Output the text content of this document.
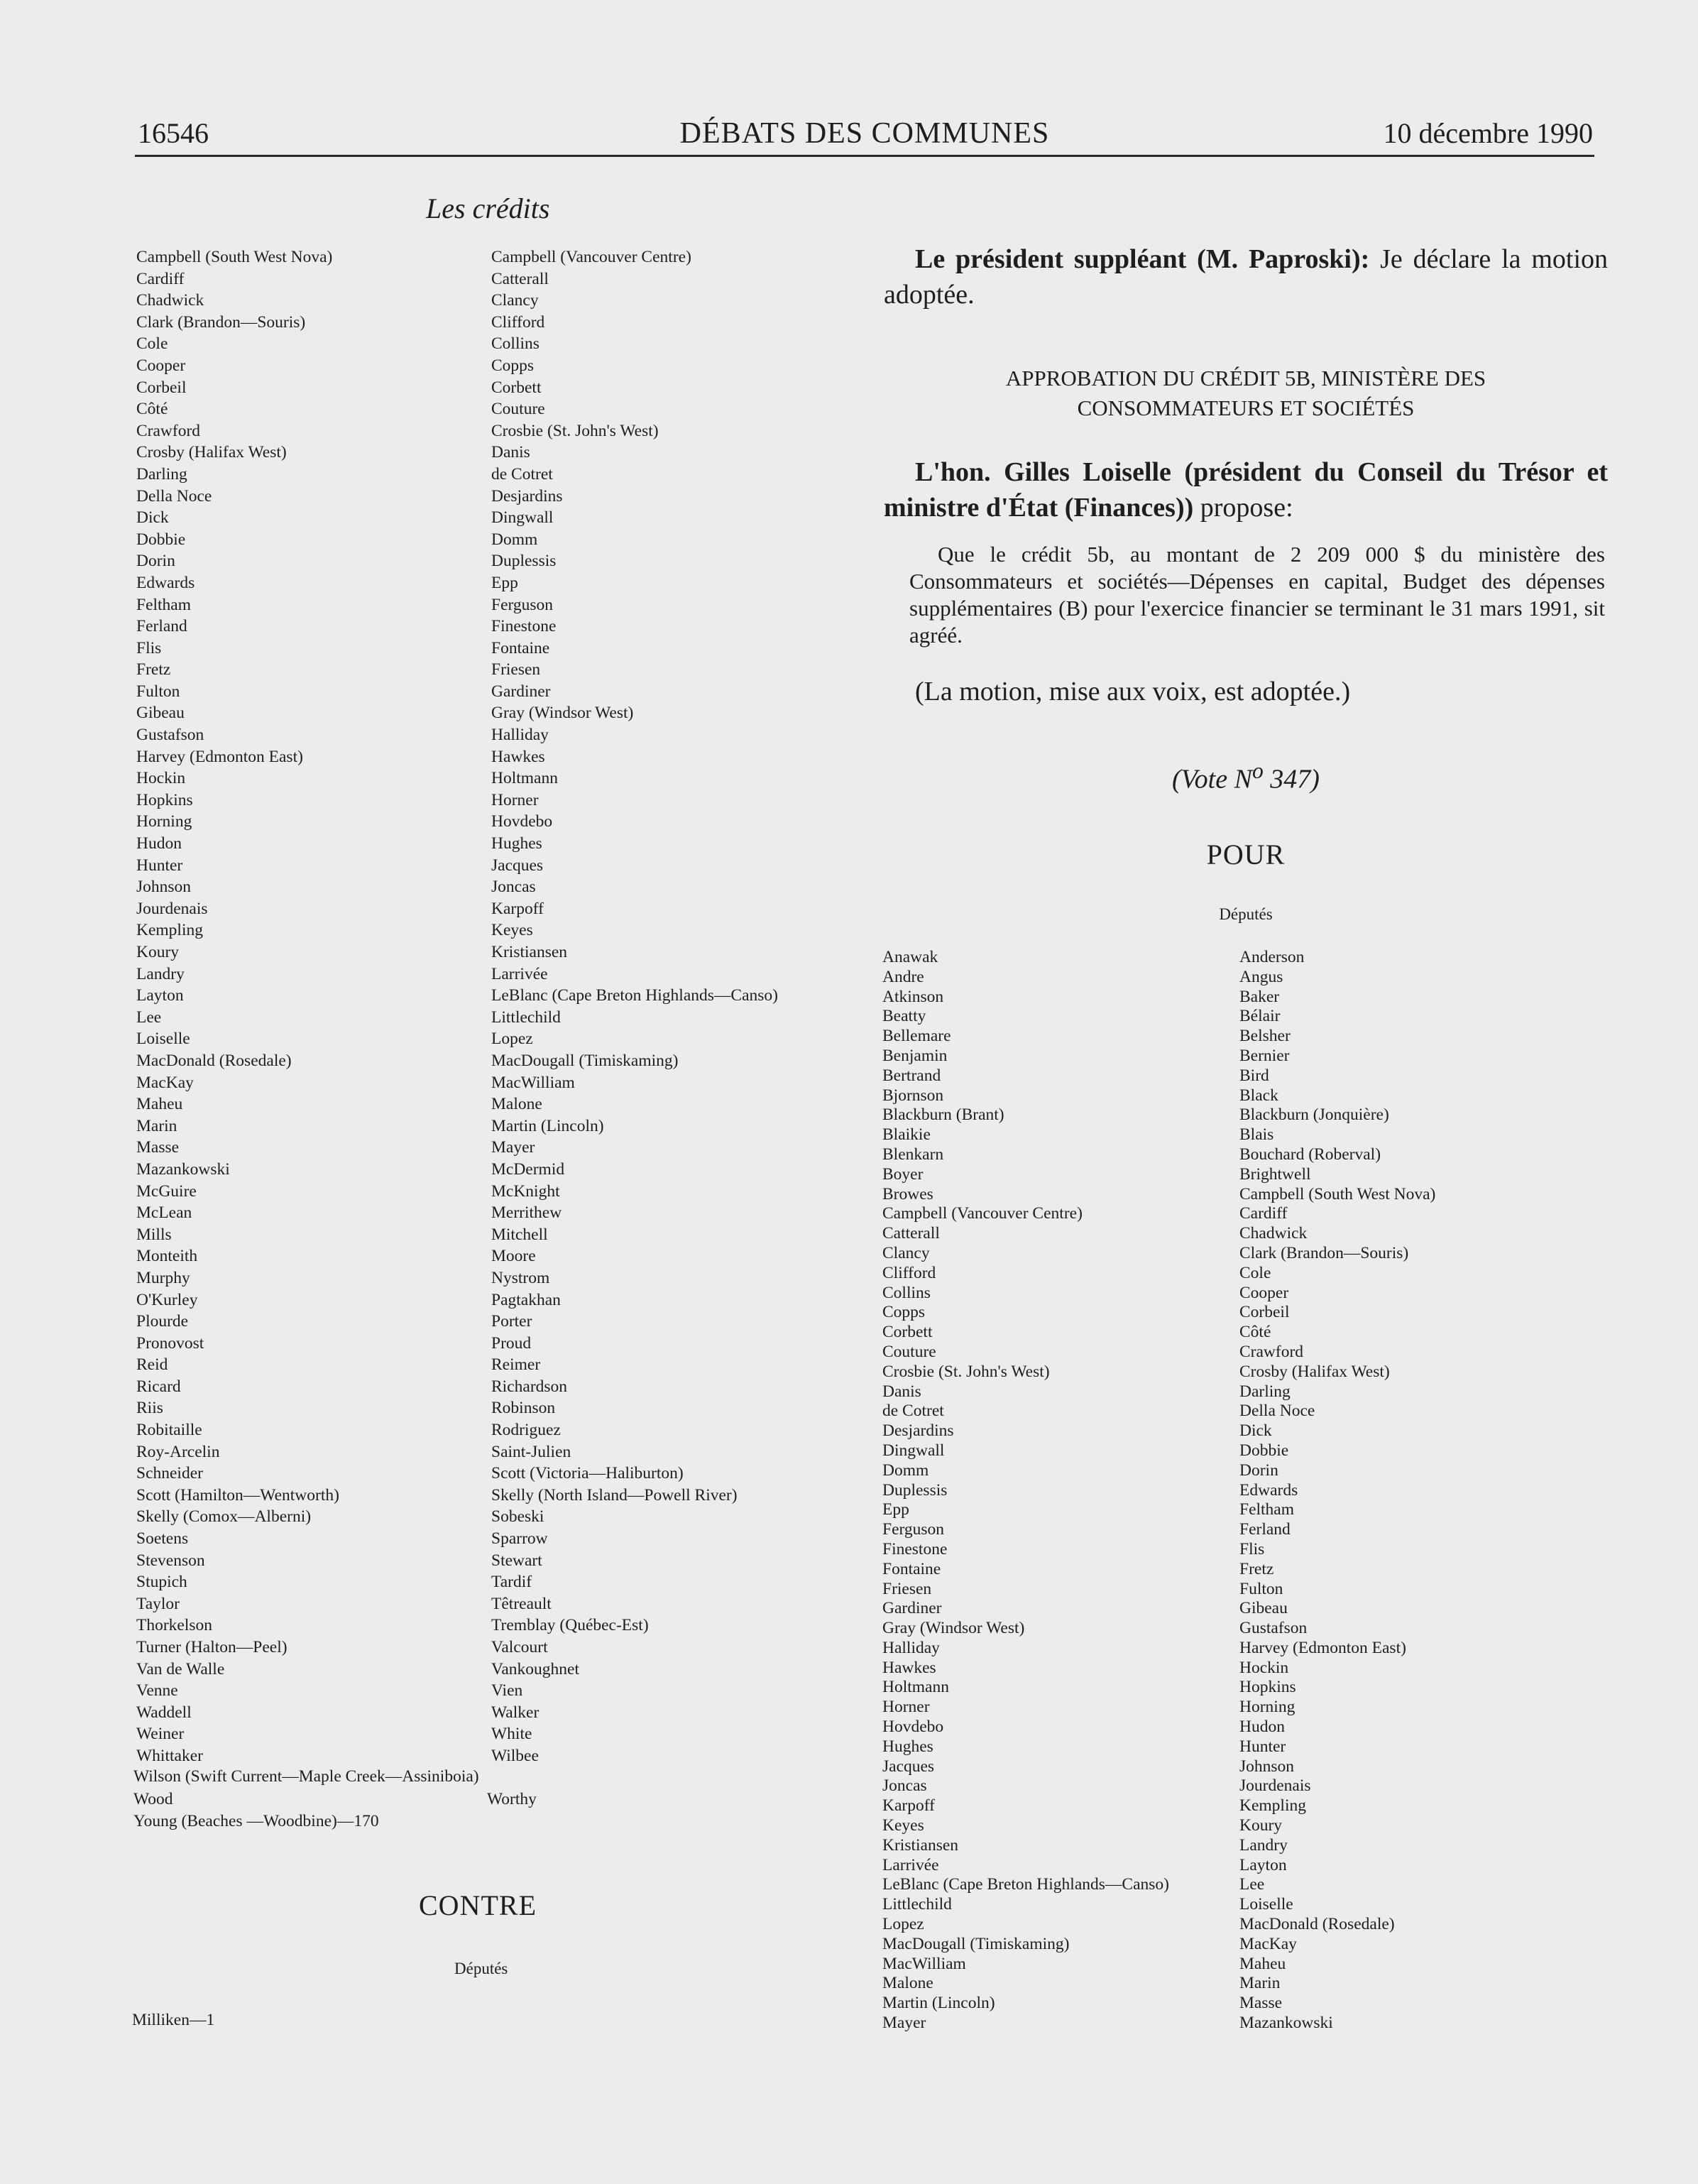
16546	DÉBATS DES COMMUNES	10 décembre 1990
Les crédits
Campbell (South West Nova)
Cardiff
Chadwick
Clark (Brandon—Souris)
Cole
Cooper
Corbeil
Côté
Crawford
Crosby (Halifax West)
Darling
Della Noce
Dick
Dobbie
Dorin
Edwards
Feltham
Ferland
Flis
Fretz
Fulton
Gibeau
Gustafson
Harvey (Edmonton East)
Hockin
Hopkins
Horning
Hudon
Hunter
Johnson
Jourdenais
Kempling
Koury
Landry
Layton
Lee
Loiselle
MacDonald (Rosedale)
MacKay
Maheu
Marin
Masse
Mazankowski
McGuire
McLean
Mills
Monteith
Murphy
O'Kurley
Plourde
Pronovost
Reid
Ricard
Riis
Robitaille
Roy-Arcelin
Schneider
Scott (Hamilton—Wentworth)
Skelly (Comox—Alberni)
Soetens
Stevenson
Stupich
Taylor
Thorkelson
Turner (Halton—Peel)
Van de Walle
Venne
Waddell
Weiner
Whittaker
Campbell (Vancouver Centre)
Catterall
Clancy
Clifford
Collins
Copps
Corbett
Couture
Crosbie (St. John's West)
Danis
de Cotret
Desjardins
Dingwall
Domm
Duplessis
Epp
Ferguson
Finestone
Fontaine
Friesen
Gardiner
Gray (Windsor West)
Halliday
Hawkes
Holtmann
Horner
Hovdebo
Hughes
Jacques
Joncas
Karpoff
Keyes
Kristiansen
Larrivée
LeBlanc (Cape Breton Highlands—Canso)
Littlechild
Lopez
MacDougall (Timiskaming)
MacWilliam
Malone
Martin (Lincoln)
Mayer
McDermid
McKnight
Merrithew
Mitchell
Moore
Nystrom
Pagtakhan
Porter
Proud
Reimer
Richardson
Robinson
Rodriguez
Saint-Julien
Scott (Victoria—Haliburton)
Skelly (North Island—Powell River)
Sobeski
Sparrow
Stewart
Tardif
Têtreault
Tremblay (Québec-Est)
Valcourt
Vankoughnet
Vien
Walker
White
Wilbee
Wilson (Swift Current—Maple Creek—Assiniboia)
Wood
Young (Beaches —Woodbine)—170
Worthy
CONTRE
Députés
Milliken—1

Le président suppléant (M. Paproski): Je déclare la motion adoptée.

APPROBATION DU CRÉDIT 5B, MINISTÈRE DES
CONSOMMATEURS ET SOCIÉTÉS

L'hon. Gilles Loiselle (président du Conseil du Trésor et ministre d'État (Finances)) propose:

Que le crédit 5b, au montant de 2 209 000 $ du ministère des Consommateurs et sociétés—Dépenses en capital, Budget des dépenses supplémentaires (B) pour l'exercice financier se terminant le 31 mars 1991, sit agréé.

(La motion, mise aux voix, est adoptée.)

(Vote $N^o$ 347)
POUR
Députés
Anawak
Andre
Atkinson
Beatty
Bellemare
Benjamin
Bertrand
Bjornson
Blackburn (Brant)
Blaikie
Blenkarn
Boyer
Browes
Campbell (Vancouver Centre)
Catterall
Clancy
Clifford
Collins
Copps
Corbett
Couture
Crosbie (St. John's West)
Danis
de Cotret
Desjardins
Dingwall
Domm
Duplessis
Epp
Ferguson
Finestone
Fontaine
Friesen
Gardiner
Gray (Windsor West)
Halliday
Hawkes
Holtmann
Horner
Hovdebo
Hughes
Jacques
Joncas
Karpoff
Keyes
Kristiansen
Larrivée
LeBlanc (Cape Breton Highlands—Canso)
Littlechild
Lopez
MacDougall (Timiskaming)
MacWilliam
Malone
Martin (Lincoln)
Mayer
Anderson
Angus
Baker
Bélair
Belsher
Bernier
Bird
Black
Blackburn (Jonquière)
Blais
Bouchard (Roberval)
Brightwell
Campbell (South West Nova)
Cardiff
Chadwick
Clark (Brandon—Souris)
Cole
Cooper
Corbeil
Côté
Crawford
Crosby (Halifax West)
Darling
Della Noce
Dick
Dobbie
Dorin
Edwards
Feltham
Ferland
Flis
Fretz
Fulton
Gibeau
Gustafson
Harvey (Edmonton East)
Hockin
Hopkins
Horning
Hudon
Hunter
Johnson
Jourdenais
Kempling
Koury
Landry
Layton
Lee
Loiselle
MacDonald (Rosedale)
MacKay
Maheu
Marin
Masse
Mazankowski
